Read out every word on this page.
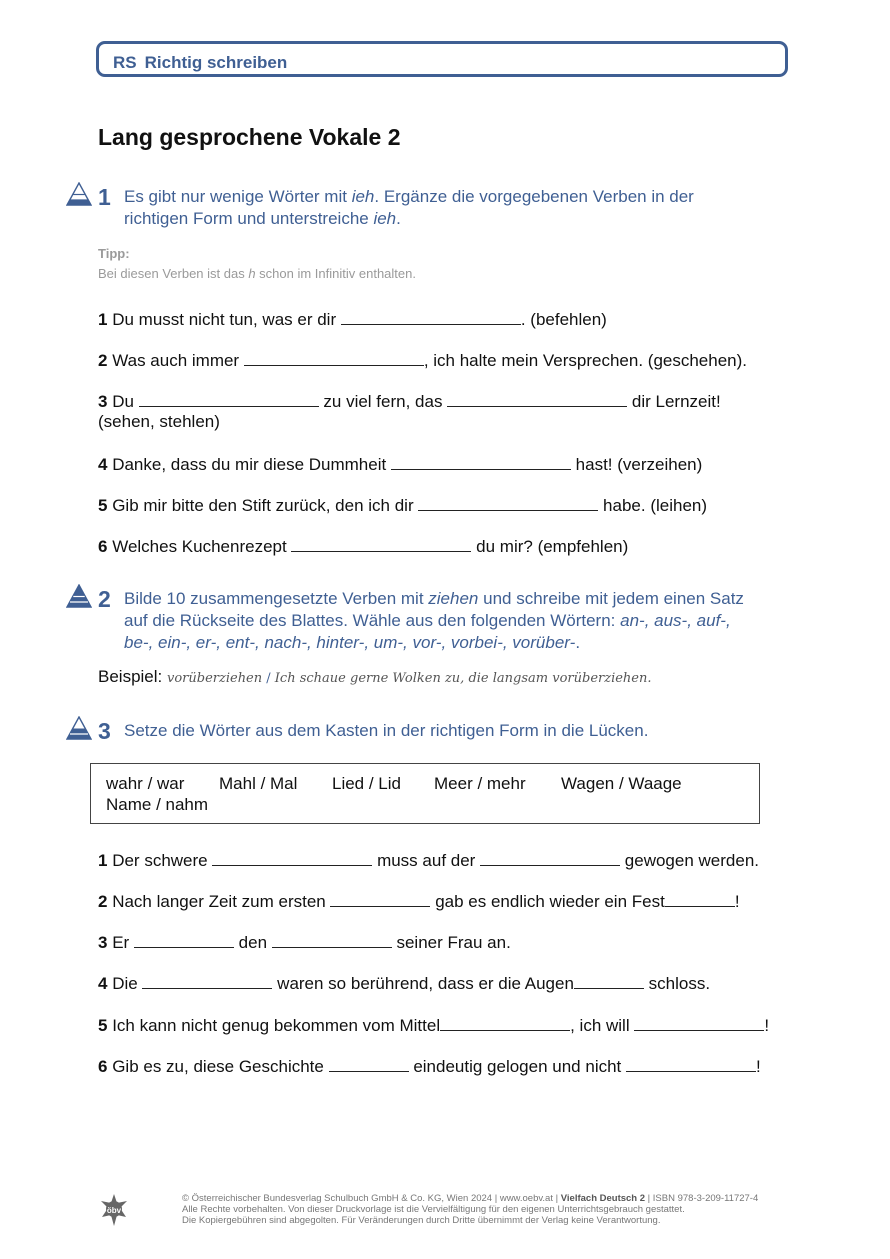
RS Richtig schreiben
Lang gesprochene Vokale 2
1 Es gibt nur wenige Wörter mit ieh. Ergänze die vorgegebenen Verben in der
richtigen Form und unterstreiche ieh.
Tipp:
Bei diesen Verben ist das h schon im Infinitiv enthalten.
1 Du musst nicht tun, was er dir	. (befehlen)
2 Was auch immer	, ich halte mein Versprechen. (geschehen).
3 Du	zu viel fern, das	dir Lernzeit!
(sehen, stehlen)
4 Danke, dass du mir diese Dummheit	hast! (verzeihen)
5 Gib mir bitte den Stift zurück, den ich dir	habe. (leihen)
6 Welches Kuchenrezept	du mir? (empfehlen)
2 Bilde 10 zusammengesetzte Verben mit ziehen und schreibe mit jedem einen Satz
auf die Rückseite des Blattes. Wähle aus den folgenden Wörtern: an-, aus-, auf-,
be-, ein-, er-, ent-, nach-, hinter-, um-, vor-, vorbei-, vorüber-.
Beispiel: vorüberziehen / Ich schaue gerne Wolken zu, die langsam vorüberziehen.
3 Setze die Wörter aus dem Kasten in der richtigen Form in die Lücken.
wahr / war Mahl / Mal Lied / Lid Meer / mehr Wagen / Waage
Name / nahm
1 Der schwere	muss auf der	gewogen werden.
2 Nach langer Zeit zum ersten	gab es endlich wieder ein Fest	!
3 Er	den	seiner Frau an.
4 Die	waren so berührend, dass er die Augen	schloss.
5 Ich kann nicht genug bekommen vom Mittel	, ich will	!
6 Gib es zu, diese Geschichte	eindeutig gelogen und nicht	!
öbv
© Österreichischer Bundesverlag Schulbuch GmbH & Co. KG, Wien 2024 | www.oebv.at | Vielfach Deutsch 2 | ISBN 978-3-209-11727-4
Alle Rechte vorbehalten. Von dieser Druckvorlage ist die Vervielfältigung für den eigenen Unterrichtsgebrauch gestattet.
Die Kopiergebühren sind abgegolten. Für Veränderungen durch Dritte übernimmt der Verlag keine Verantwortung.
